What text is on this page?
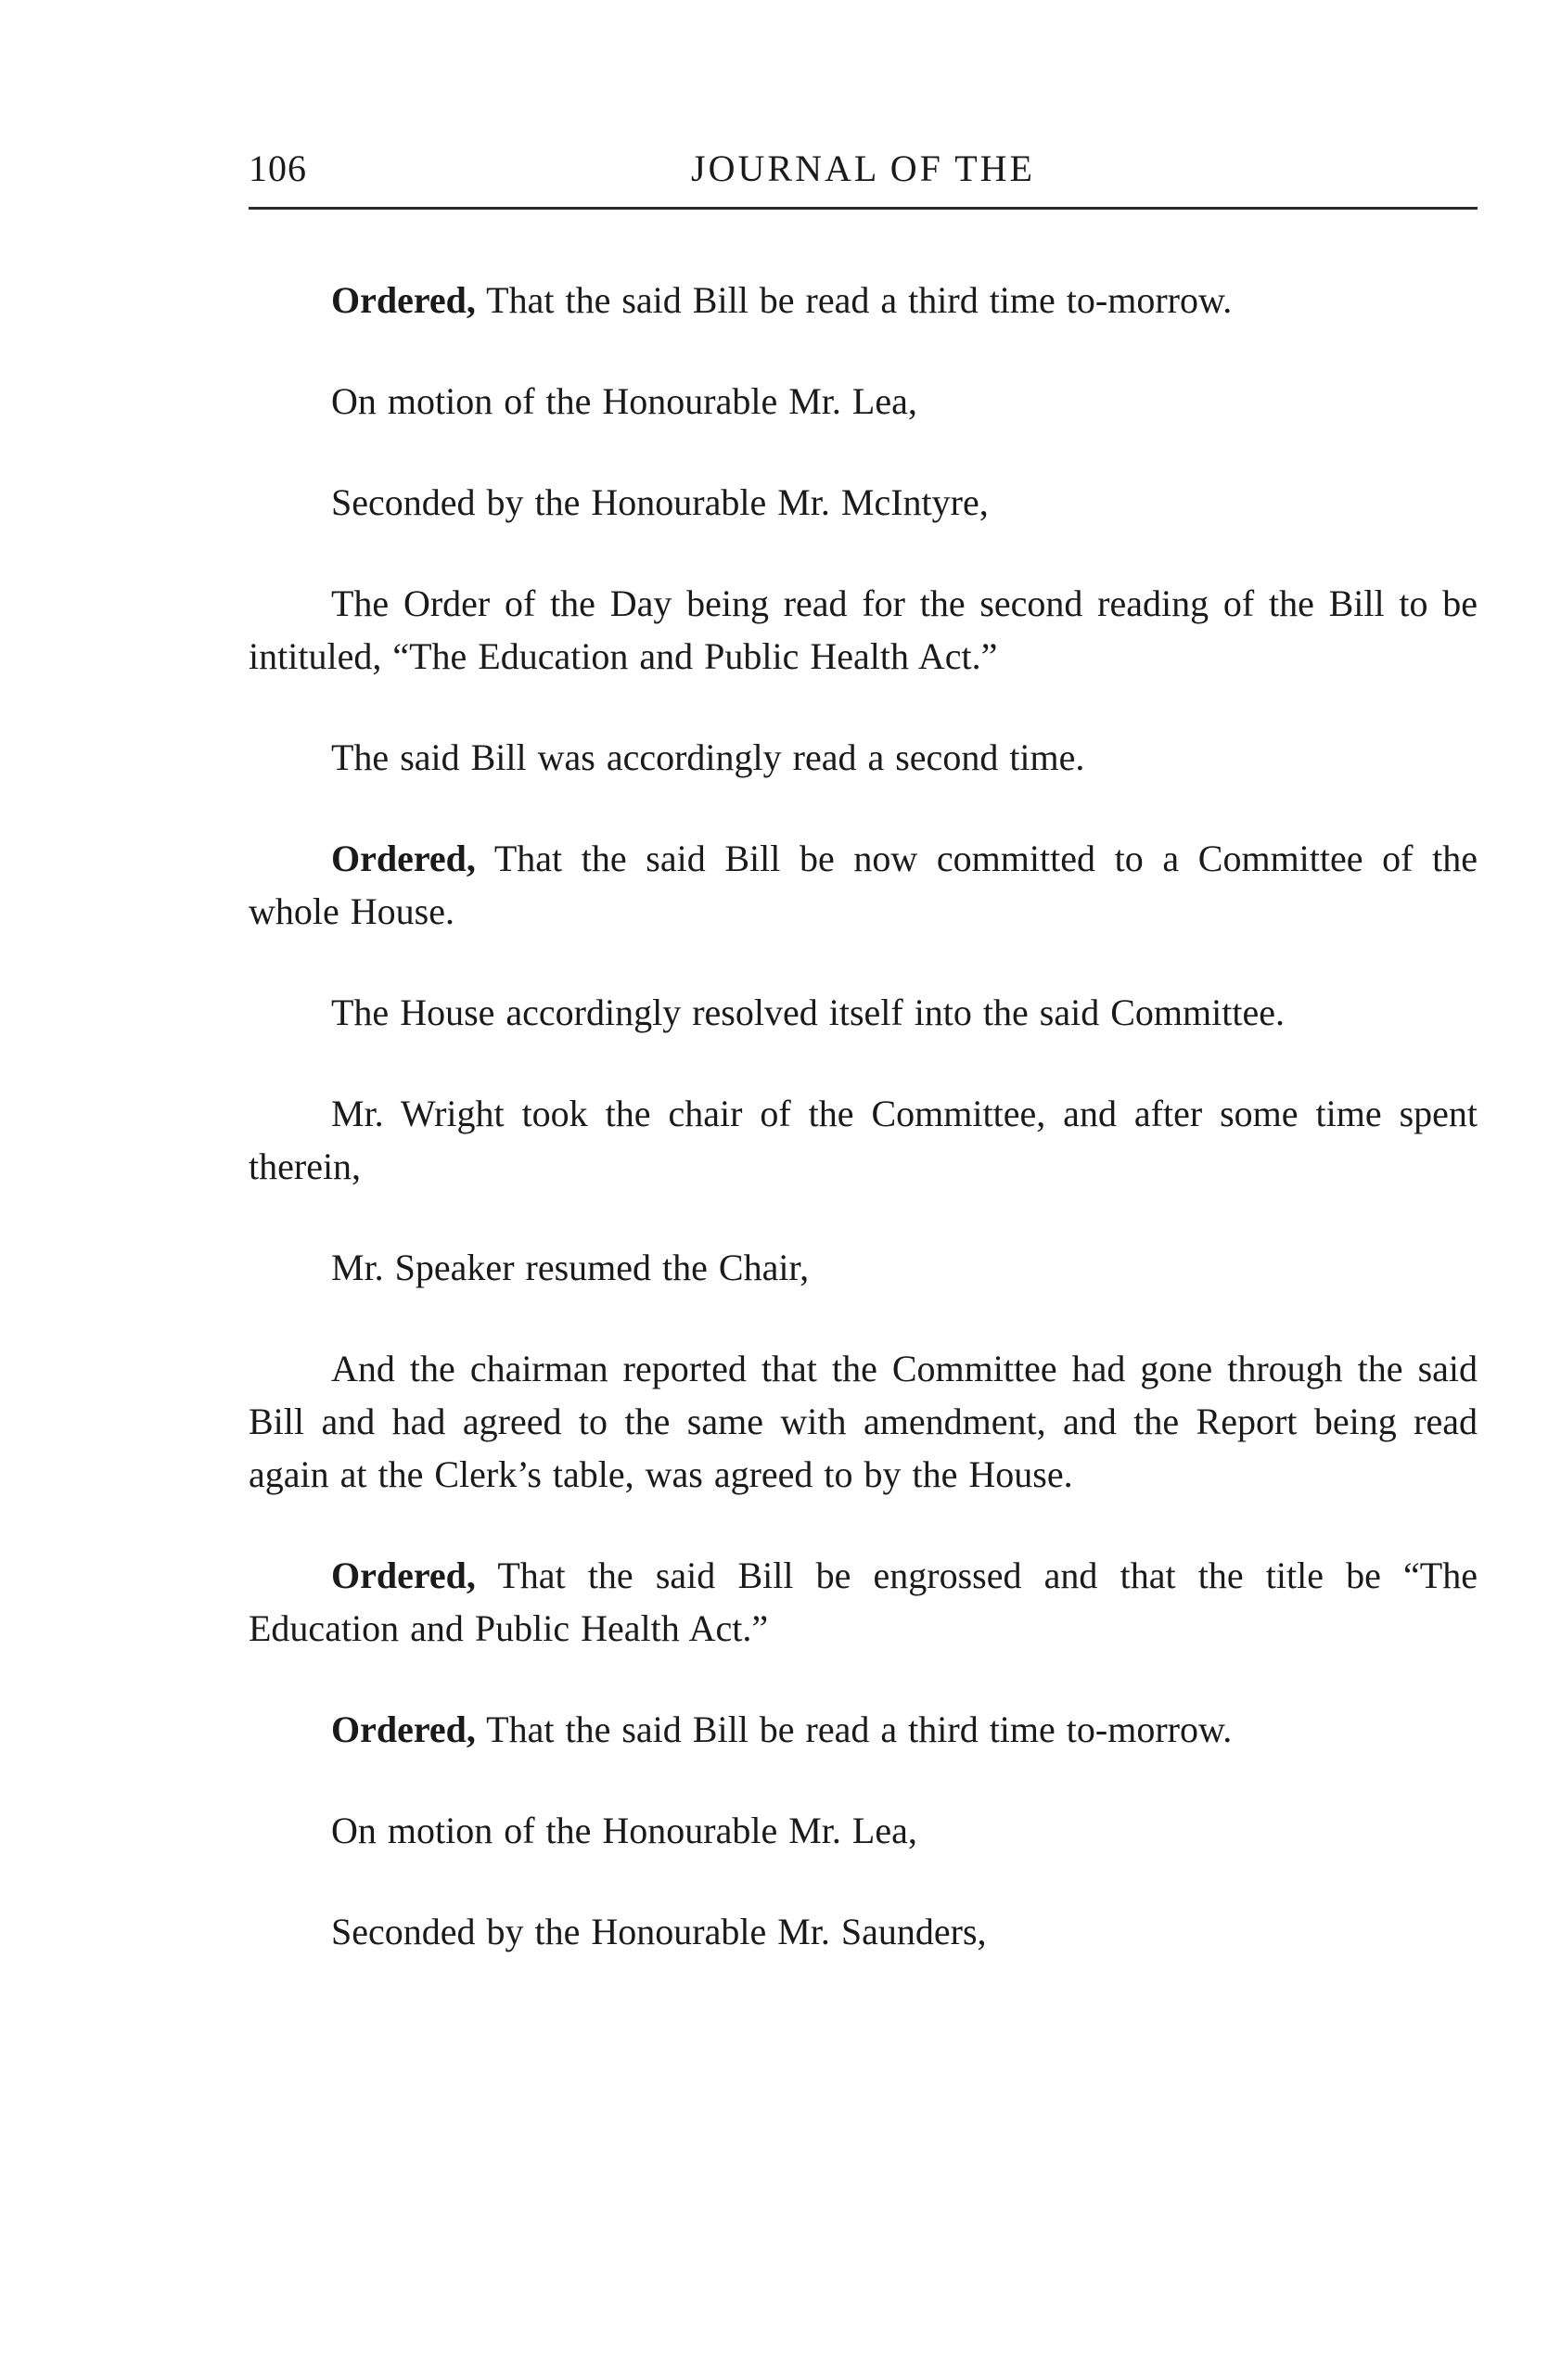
106	JOURNAL OF THE

Ordered, That the said Bill be read a third time to-morrow.

On motion of the Honourable Mr. Lea,

Seconded by the Honourable Mr. McIntyre,

The Order of the Day being read for the second reading of the Bill to be intituled, “The Education and Public Health Act.”

The said Bill was accordingly read a second time.

Ordered, That the said Bill be now committed to a Committee of the whole House.

The House accordingly resolved itself into the said Committee.

Mr. Wright took the chair of the Committee, and after some time spent therein,

Mr. Speaker resumed the Chair,

And the chairman reported that the Committee had gone through the said Bill and had agreed to the same with amendment, and the Report being read again at the Clerk’s table, was agreed to by the House.

Ordered, That the said Bill be engrossed and that the title be “The Education and Public Health Act.”

Ordered, That the said Bill be read a third time to-morrow.

On motion of the Honourable Mr. Lea,

Seconded by the Honourable Mr. Saunders,
